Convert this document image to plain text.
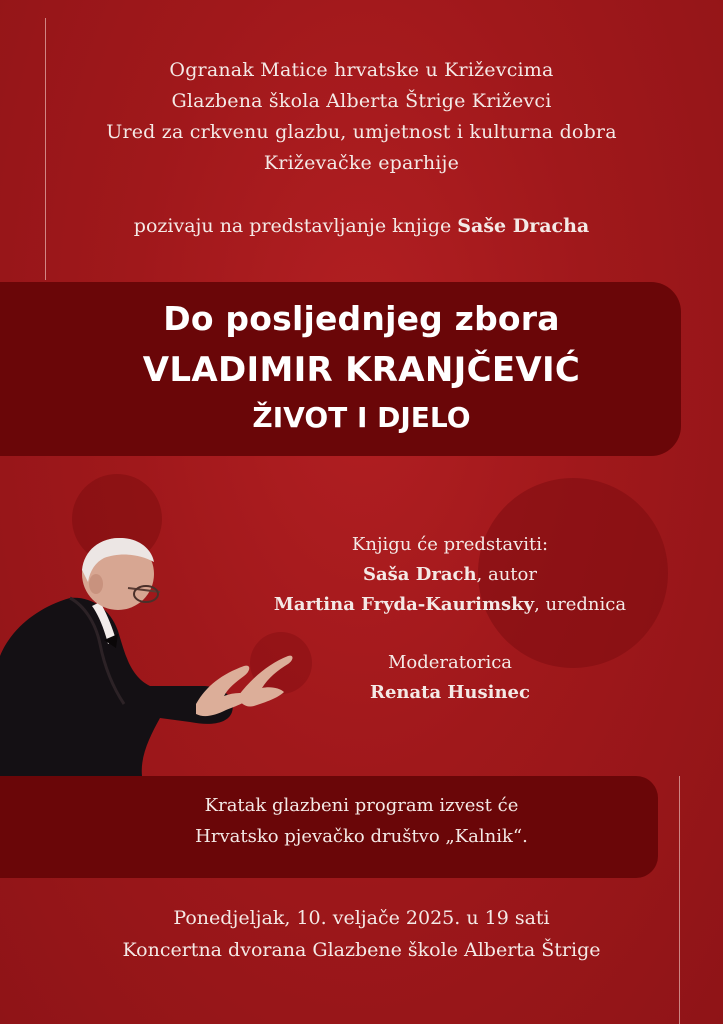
Ogranak Matice hrvatske u Križevcima
Glazbena škola Alberta Štrige Križevci
Ured za crkvenu glazbu, umjetnost i kulturna dobra
Križevačke eparhije
pozivaju na predstavljanje knjige Saše Dracha
Do posljednjeg zbora
VLADIMIR KRANJČEVIĆ
ŽIVOT I DJELO
Knjigu će predstaviti:
Saša Drach, autor
Martina Fryda-Kaurimsky, urednica
Moderatorica
Renata Husinec
Kratak glazbeni program izvest će
Hrvatsko pjevačko društvo „Kalnik“.
Ponedjeljak, 10. veljače 2025. u 19 sati
Koncertna dvorana Glazbene škole Alberta Štrige
